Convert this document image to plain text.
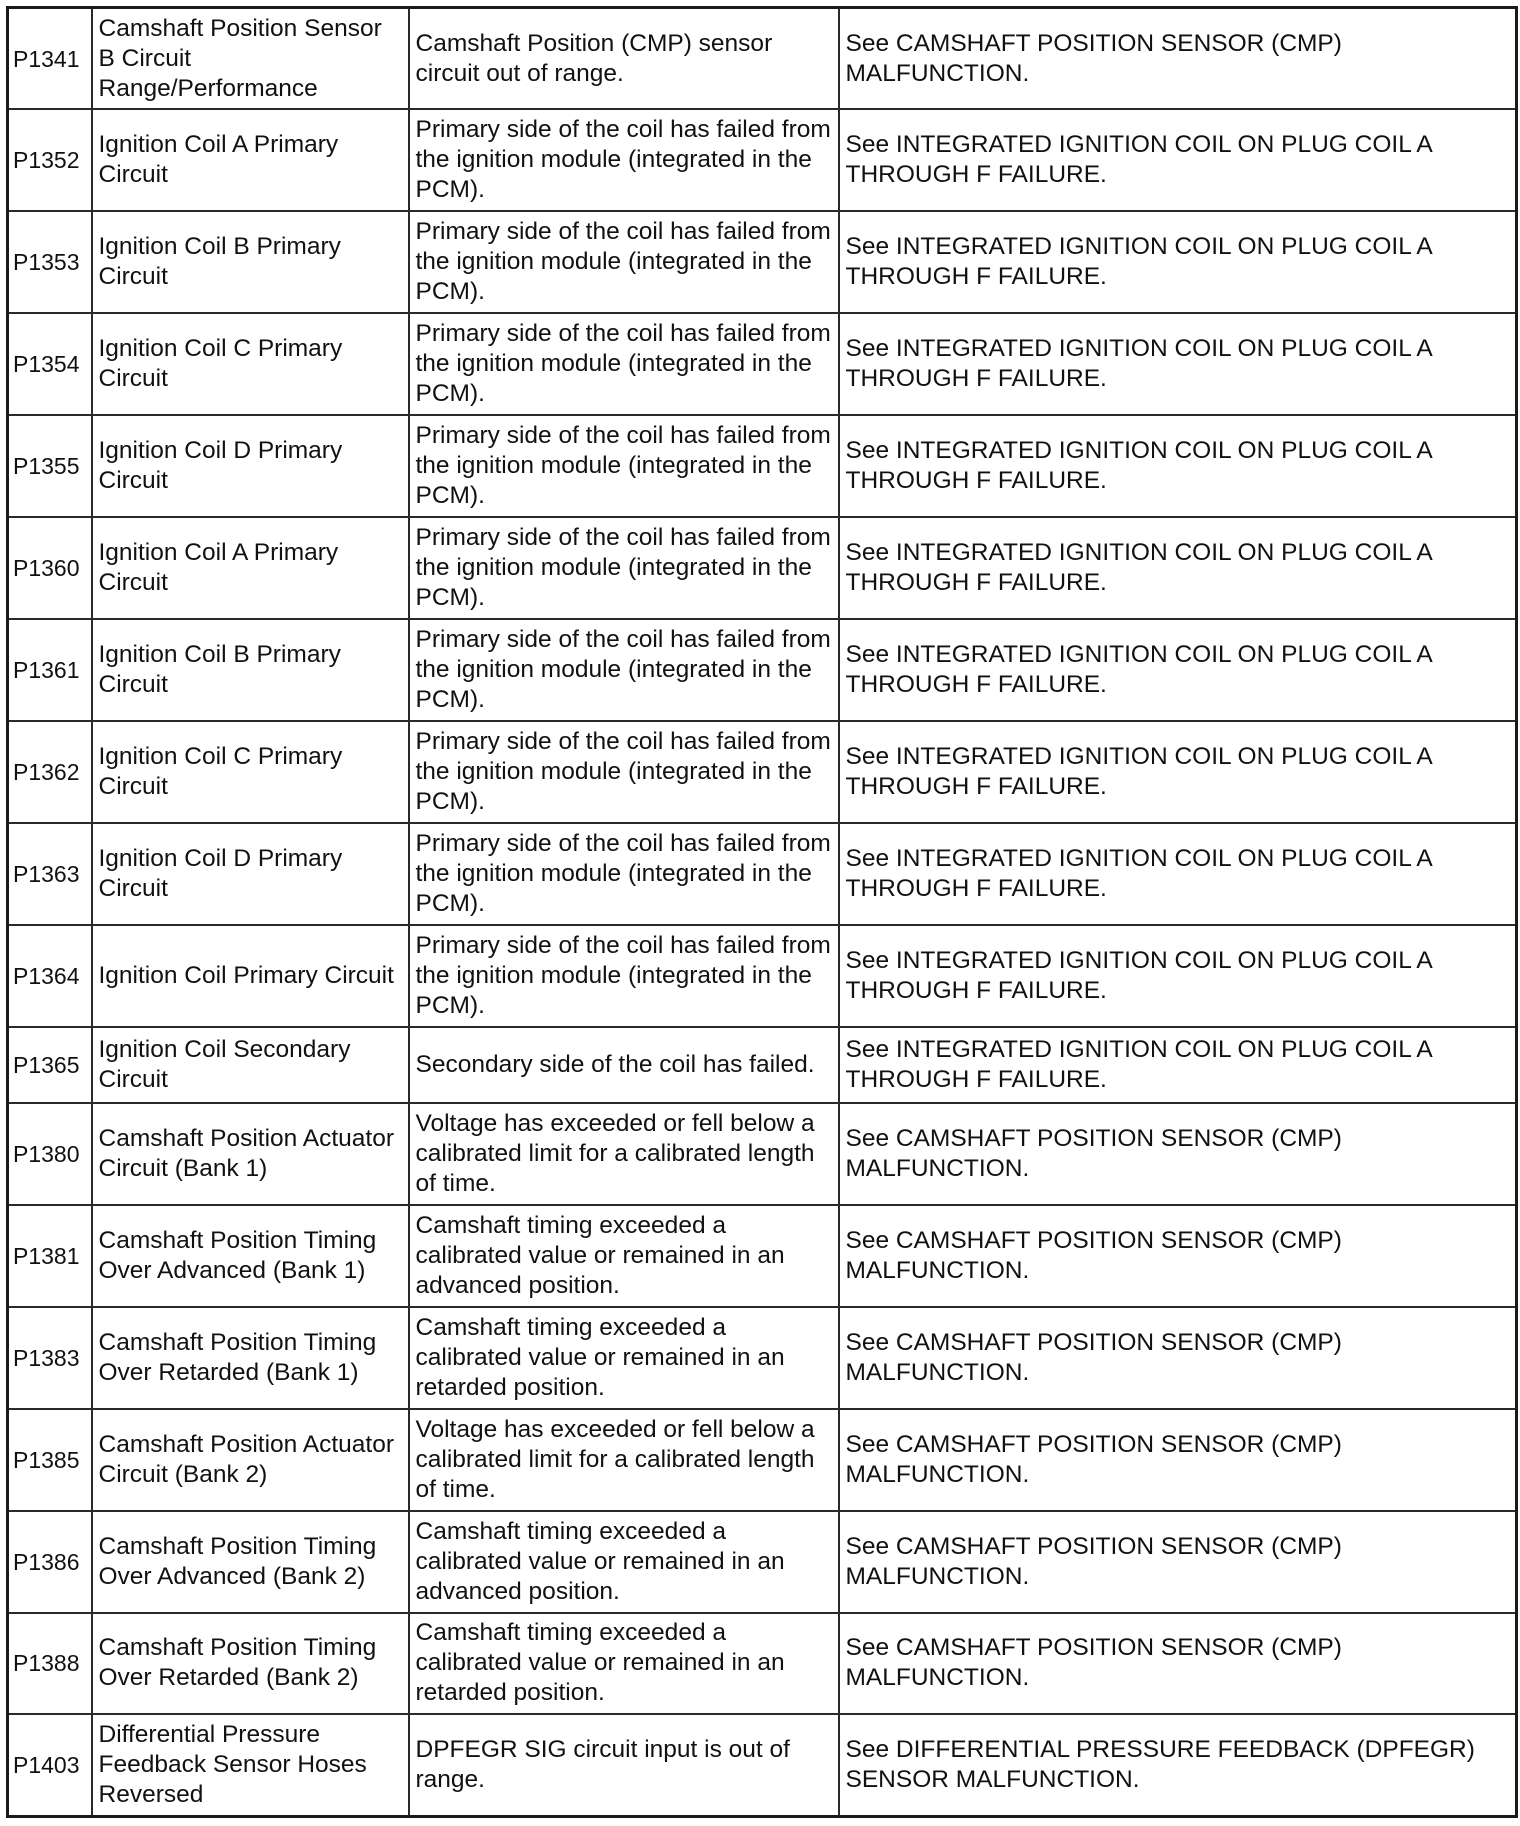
P1341	Camshaft Position Sensor B Circuit Range/Performance	Camshaft Position (CMP) sensor circuit out of range.	See CAMSHAFT POSITION SENSOR (CMP) MALFUNCTION.
P1352	Ignition Coil A Primary Circuit	Primary side of the coil has failed from the ignition module (integrated in the PCM).	See INTEGRATED IGNITION COIL ON PLUG COIL A THROUGH F FAILURE.
P1353	Ignition Coil B Primary Circuit	Primary side of the coil has failed from the ignition module (integrated in the PCM).	See INTEGRATED IGNITION COIL ON PLUG COIL A THROUGH F FAILURE.
P1354	Ignition Coil C Primary Circuit	Primary side of the coil has failed from the ignition module (integrated in the PCM).	See INTEGRATED IGNITION COIL ON PLUG COIL A THROUGH F FAILURE.
P1355	Ignition Coil D Primary Circuit	Primary side of the coil has failed from the ignition module (integrated in the PCM).	See INTEGRATED IGNITION COIL ON PLUG COIL A THROUGH F FAILURE.
P1360	Ignition Coil A Primary Circuit	Primary side of the coil has failed from the ignition module (integrated in the PCM).	See INTEGRATED IGNITION COIL ON PLUG COIL A THROUGH F FAILURE.
P1361	Ignition Coil B Primary Circuit	Primary side of the coil has failed from the ignition module (integrated in the PCM).	See INTEGRATED IGNITION COIL ON PLUG COIL A THROUGH F FAILURE.
P1362	Ignition Coil C Primary Circuit	Primary side of the coil has failed from the ignition module (integrated in the PCM).	See INTEGRATED IGNITION COIL ON PLUG COIL A THROUGH F FAILURE.
P1363	Ignition Coil D Primary Circuit	Primary side of the coil has failed from the ignition module (integrated in the PCM).	See INTEGRATED IGNITION COIL ON PLUG COIL A THROUGH F FAILURE.
P1364	Ignition Coil Primary Circuit	Primary side of the coil has failed from the ignition module (integrated in the PCM).	See INTEGRATED IGNITION COIL ON PLUG COIL A THROUGH F FAILURE.
P1365	Ignition Coil Secondary Circuit	Secondary side of the coil has failed.	See INTEGRATED IGNITION COIL ON PLUG COIL A THROUGH F FAILURE.
P1380	Camshaft Position Actuator Circuit (Bank 1)	Voltage has exceeded or fell below a calibrated limit for a calibrated length of time.	See CAMSHAFT POSITION SENSOR (CMP) MALFUNCTION.
P1381	Camshaft Position Timing Over Advanced (Bank 1)	Camshaft timing exceeded a calibrated value or remained in an advanced position.	See CAMSHAFT POSITION SENSOR (CMP) MALFUNCTION.
P1383	Camshaft Position Timing Over Retarded (Bank 1)	Camshaft timing exceeded a calibrated value or remained in an retarded position.	See CAMSHAFT POSITION SENSOR (CMP) MALFUNCTION.
P1385	Camshaft Position Actuator Circuit (Bank 2)	Voltage has exceeded or fell below a calibrated limit for a calibrated length of time.	See CAMSHAFT POSITION SENSOR (CMP) MALFUNCTION.
P1386	Camshaft Position Timing Over Advanced (Bank 2)	Camshaft timing exceeded a calibrated value or remained in an advanced position.	See CAMSHAFT POSITION SENSOR (CMP) MALFUNCTION.
P1388	Camshaft Position Timing Over Retarded (Bank 2)	Camshaft timing exceeded a calibrated value or remained in an retarded position.	See CAMSHAFT POSITION SENSOR (CMP) MALFUNCTION.
P1403	Differential Pressure Feedback Sensor Hoses Reversed	DPFEGR SIG circuit input is out of range.	See DIFFERENTIAL PRESSURE FEEDBACK (DPFEGR) SENSOR MALFUNCTION.
